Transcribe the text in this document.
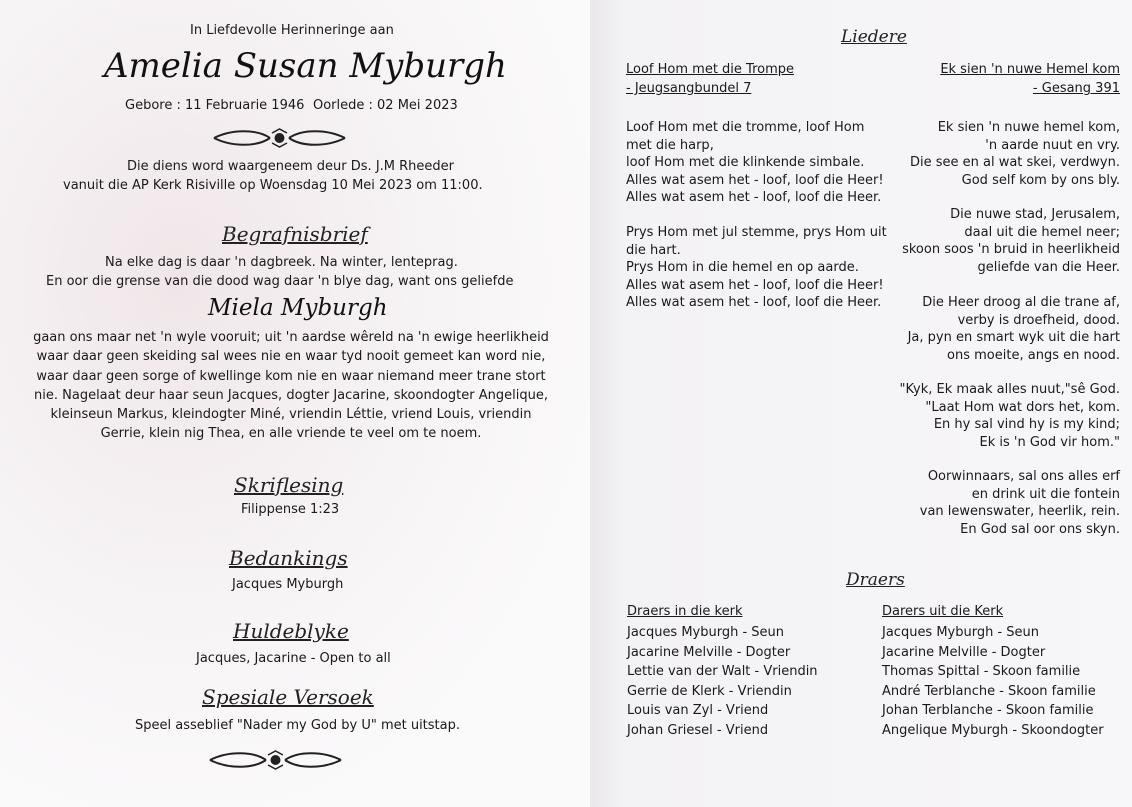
In Liefdevolle Herinneringe aan
Amelia Susan Myburgh
Gebore : 11 Februarie 1946 Oorlede : 02 Mei 2023
Die diens word waargeneem deur Ds. J.M Rheeder
vanuit die AP Kerk Risiville op Woensdag 10 Mei 2023 om 11:00.
Begrafnisbrief
Na elke dag is daar 'n dagbreek. Na winter, lenteprag.
En oor die grense van die dood wag daar 'n blye dag, want ons geliefde
Miela Myburgh
gaan ons maar net 'n wyle vooruit; uit 'n aardse wêreld na 'n ewige heerlikheid
waar daar geen skeiding sal wees nie en waar tyd nooit gemeet kan word nie,
waar daar geen sorge of kwellinge kom nie en waar niemand meer trane stort
nie. Nagelaat deur haar seun Jacques, dogter Jacarine, skoondogter Angelique,
kleinseun Markus, kleindogter Miné, vriendin Léttie, vriend Louis, vriendin
Gerrie, klein nig Thea, en alle vriende te veel om te noem.
Skriflesing
Filippense 1:23
Bedankings
Jacques Myburgh
Huldeblyke
Jacques, Jacarine - Open to all
Spesiale Versoek
Speel asseblief "Nader my God by U" met uitstap.
Liedere
Loof Hom met die Trompe
- Jeugsangbundel 7
Loof Hom met die tromme, loof Hom
met die harp,
loof Hom met die klinkende simbale.
Alles wat asem het - loof, loof die Heer!
Alles wat asem het - loof, loof die Heer.
Prys Hom met jul stemme, prys Hom uit
die hart.
Prys Hom in die hemel en op aarde.
Alles wat asem het - loof, loof die Heer!
Alles wat asem het - loof, loof die Heer.
Ek sien 'n nuwe Hemel kom
- Gesang 391
Ek sien 'n nuwe hemel kom,
'n aarde nuut en vry.
Die see en al wat skei, verdwyn.
God self kom by ons bly.
Die nuwe stad, Jerusalem,
daal uit die hemel neer;
skoon soos 'n bruid in heerlikheid
geliefde van die Heer.
Die Heer droog al die trane af,
verby is droefheid, dood.
Ja, pyn en smart wyk uit die hart
ons moeite, angs en nood.
"Kyk, Ek maak alles nuut,"sê God.
"Laat Hom wat dors het, kom.
En hy sal vind hy is my kind;
Ek is 'n God vir hom."
Oorwinnaars, sal ons alles erf
en drink uit die fontein
van lewenswater, heerlik, rein.
En God sal oor ons skyn.
Draers
Draers in die kerk
Jacques Myburgh - Seun
Jacarine Melville - Dogter
Lettie van der Walt - Vriendin
Gerrie de Klerk - Vriendin
Louis van Zyl - Vriend
Johan Griesel - Vriend
Darers uit die Kerk
Jacques Myburgh - Seun
Jacarine Melville - Dogter
Thomas Spittal - Skoon familie
André Terblanche - Skoon familie
Johan Terblanche - Skoon familie
Angelique Myburgh - Skoondogter
